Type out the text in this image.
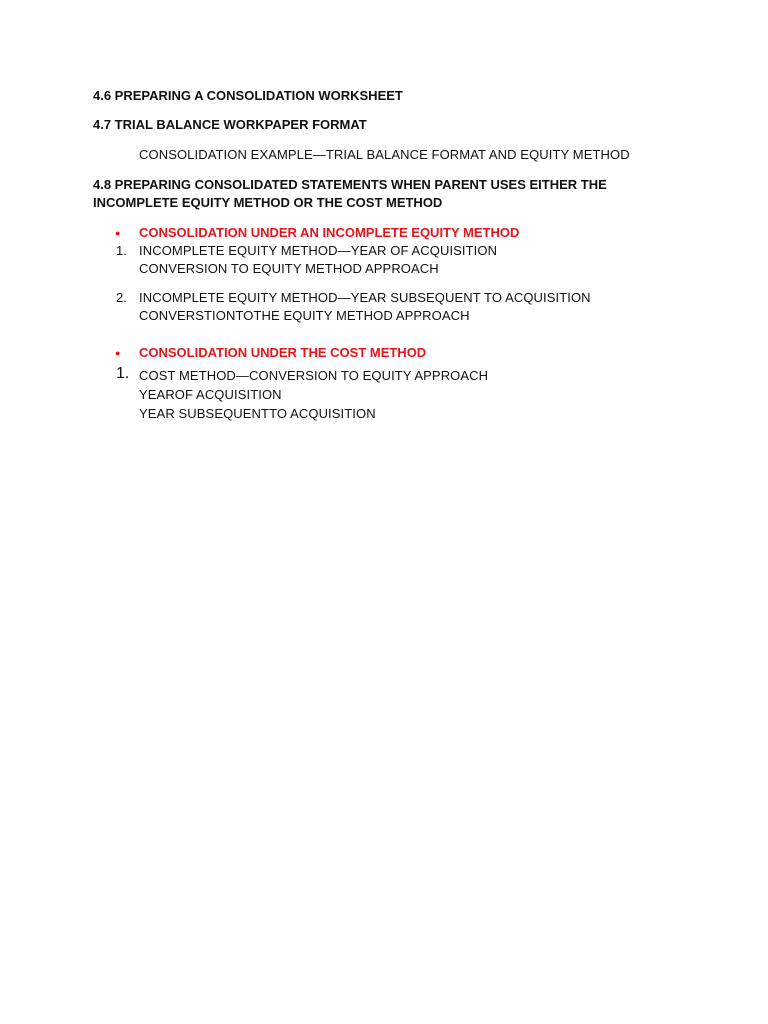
4.6 PREPARING A CONSOLIDATION WORKSHEET
4.7 TRIAL BALANCE WORKPAPER FORMAT
CONSOLIDATION EXAMPLE—TRIAL BALANCE FORMAT AND EQUITY METHOD
4.8 PREPARING CONSOLIDATED STATEMENTS WHEN PARENT USES EITHER THE
INCOMPLETE EQUITY METHOD OR THE COST METHOD
● CONSOLIDATION UNDER AN INCOMPLETE EQUITY METHOD
1. INCOMPLETE EQUITY METHOD—YEAR OF ACQUISITION
CONVERSION TO EQUITY METHOD APPROACH
2. INCOMPLETE EQUITY METHOD—YEAR SUBSEQUENT TO ACQUISITION
CONVERSTIONTOTHE EQUITY METHOD APPROACH
● CONSOLIDATION UNDER THE COST METHOD
1. COST METHOD—CONVERSION TO EQUITY APPROACH
YEAROF ACQUISITION
YEAR SUBSEQUENTTO ACQUISITION
